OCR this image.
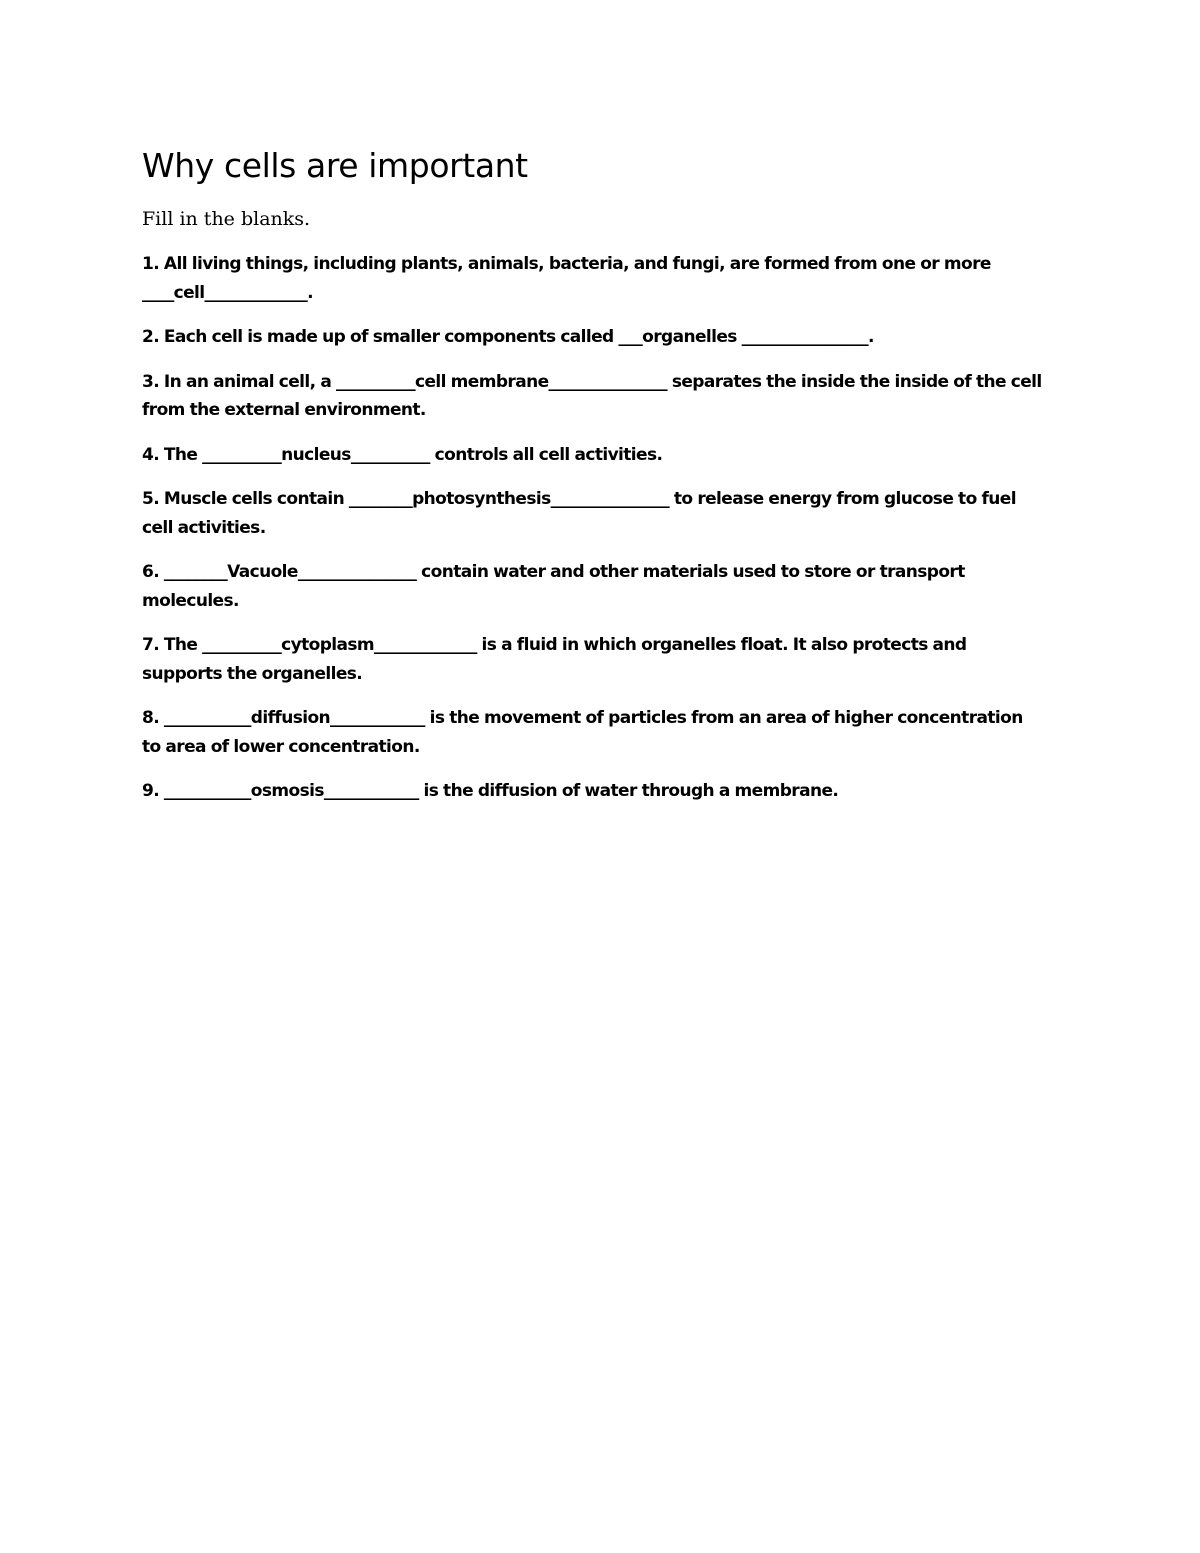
Why cells are important

Fill in the blanks.

1. All living things, including plants, animals, bacteria, and fungi, are formed from one or more ____cell_____________.
2. Each cell is made up of smaller components called ___organelles ________________.
3. In an animal cell, a __________cell membrane_______________ separates the inside the inside of the cell from the external environment.
4. The __________nucleus__________ controls all cell activities.
5. Muscle cells contain ________photosynthesis_______________ to release energy from glucose to fuel cell activities.
6. ________Vacuole_______________ contain water and other materials used to store or transport molecules.
7. The __________cytoplasm_____________ is a fluid in which organelles float. It also protects and supports the organelles.
8. ___________diffusion____________ is the movement of particles from an area of higher concentration to area of lower concentration.
9. ___________osmosis____________ is the diffusion of water through a membrane.
